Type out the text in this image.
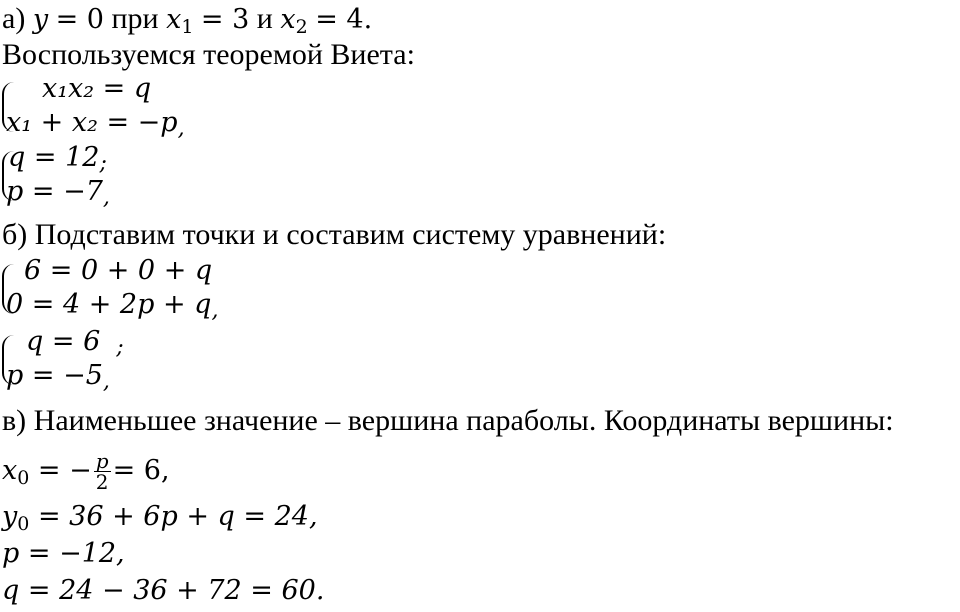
а) y = 0 при $x_1 = 3$ и $x_2 = 4$.
Воспользуемся теоремой Виета:
x₁x₂ = q
x₁ + x₂ = −p,
q = 12;
p = −7,
б) Подставим точки и составим систему уравнений:
6 = 0 + 0 + q
0 = 4 + 2p + q,
q = 6 ;
p = −5,
в) Наименьшее значение – вершина параболы. Координаты вершины:
$x_0$ = − $\frac{p}{2} = 6$,
$y_0 = 36 + 6p + q = 24$,
p = −12,
q = 24 − 36 + 72 = 60.
